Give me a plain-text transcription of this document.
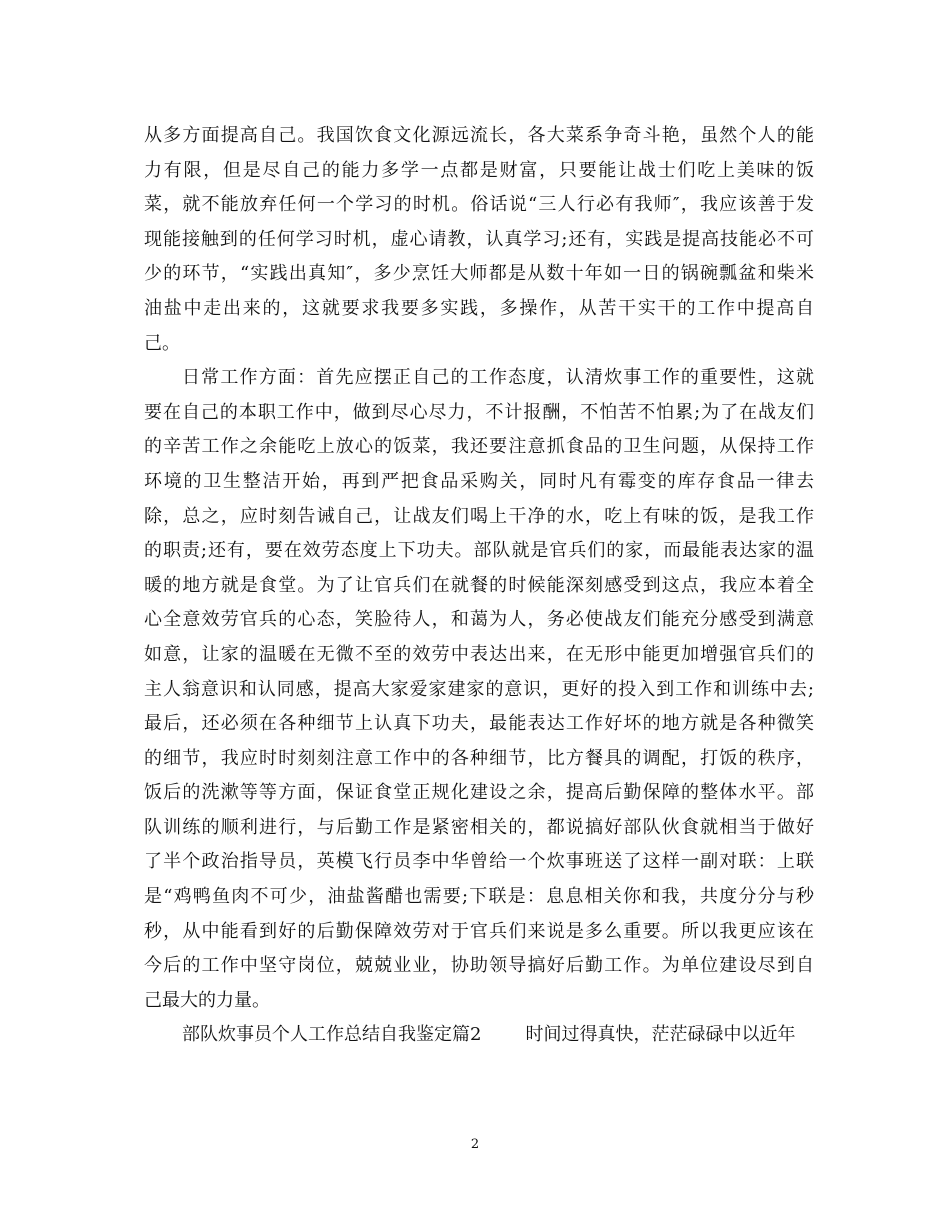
从多方面提高自己。我国饮食文化源远流长，各大菜系争奇斗艳，虽然个人的能
力有限，但是尽自己的能力多学一点都是财富，只要能让战士们吃上美味的饭
菜，就不能放弃任何一个学习的时机。俗话说“三人行必有我师″，我应该善于发
现能接触到的任何学习时机，虚心请教，认真学习;还有，实践是提高技能必不可
少的环节，“实践出真知″，多少烹饪大师都是从数十年如一日的锅碗瓢盆和柴米
油盐中走出来的，这就要求我要多实践，多操作，从苦干实干的工作中提高自
己。
日常工作方面：首先应摆正自己的工作态度，认清炊事工作的重要性，这就
要在自己的本职工作中，做到尽心尽力，不计报酬，不怕苦不怕累;为了在战友们
的辛苦工作之余能吃上放心的饭菜，我还要注意抓食品的卫生问题，从保持工作
环境的卫生整洁开始，再到严把食品采购关，同时凡有霉变的库存食品一律去
除，总之，应时刻告诫自己，让战友们喝上干净的水，吃上有味的饭，是我工作
的职责;还有，要在效劳态度上下功夫。部队就是官兵们的家，而最能表达家的温
暖的地方就是食堂。为了让官兵们在就餐的时候能深刻感受到这点，我应本着全
心全意效劳官兵的心态，笑脸待人，和蔼为人，务必使战友们能充分感受到满意
如意，让家的温暖在无微不至的效劳中表达出来，在无形中能更加增强官兵们的
主人翁意识和认同感，提高大家爱家建家的意识，更好的投入到工作和训练中去;
最后，还必须在各种细节上认真下功夫，最能表达工作好坏的地方就是各种微笑
的细节，我应时时刻刻注意工作中的各种细节，比方餐具的调配，打饭的秩序，
饭后的洗漱等等方面，保证食堂正规化建设之余，提高后勤保障的整体水平。部
队训练的顺利进行，与后勤工作是紧密相关的，都说搞好部队伙食就相当于做好
了半个政治指导员，英模飞行员李中华曾给一个炊事班送了这样一副对联：上联
是“鸡鸭鱼肉不可少，油盐酱醋也需要;下联是：息息相关你和我，共度分分与秒
秒，从中能看到好的后勤保障效劳对于官兵们来说是多么重要。所以我更应该在
今后的工作中坚守岗位，兢兢业业，协助领导搞好后勤工作。为单位建设尽到自
己最大的力量。
部队炊事员个人工作总结自我鉴定篇2 时间过得真快，茫茫碌碌中以近年
2
